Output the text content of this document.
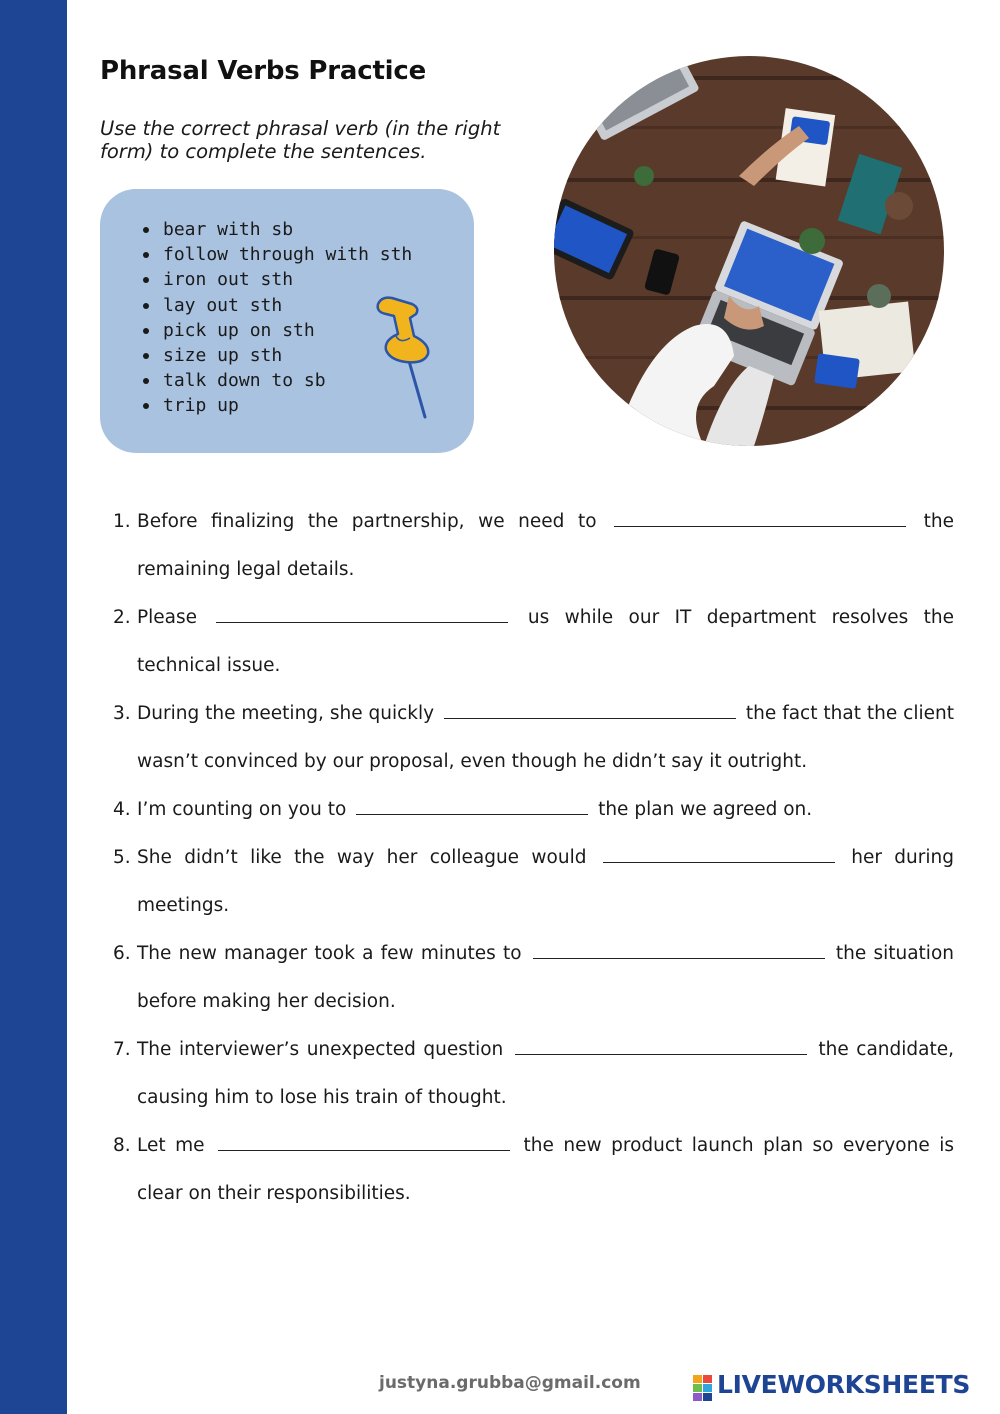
Phrasal Verbs Practice
Use the correct phrasal verb (in the right form) to complete the sentences.
bear with sb
follow through with sth
iron out sth
lay out sth
pick up on sth
size up sth
talk down to sb
trip up
1. Before finalizing the partnership, we need to	the remaining legal details.
2. Please	us while our IT department resolves the technical issue.
3. During the meeting, she quickly	the fact that the client wasn’t convinced by our proposal, even though he didn’t say it outright.
4. I’m counting on you to	the plan we agreed on.
5. She didn’t like the way her colleague would	her during meetings.
6. The new manager took a few minutes to	the situation before making her decision.
7. The interviewer’s unexpected question	the candidate, causing him to lose his train of thought.
8. Let me	the new product launch plan so everyone is clear on their responsibilities.
justyna.grubba@gmail.com	LIVEWORKSHEETS
